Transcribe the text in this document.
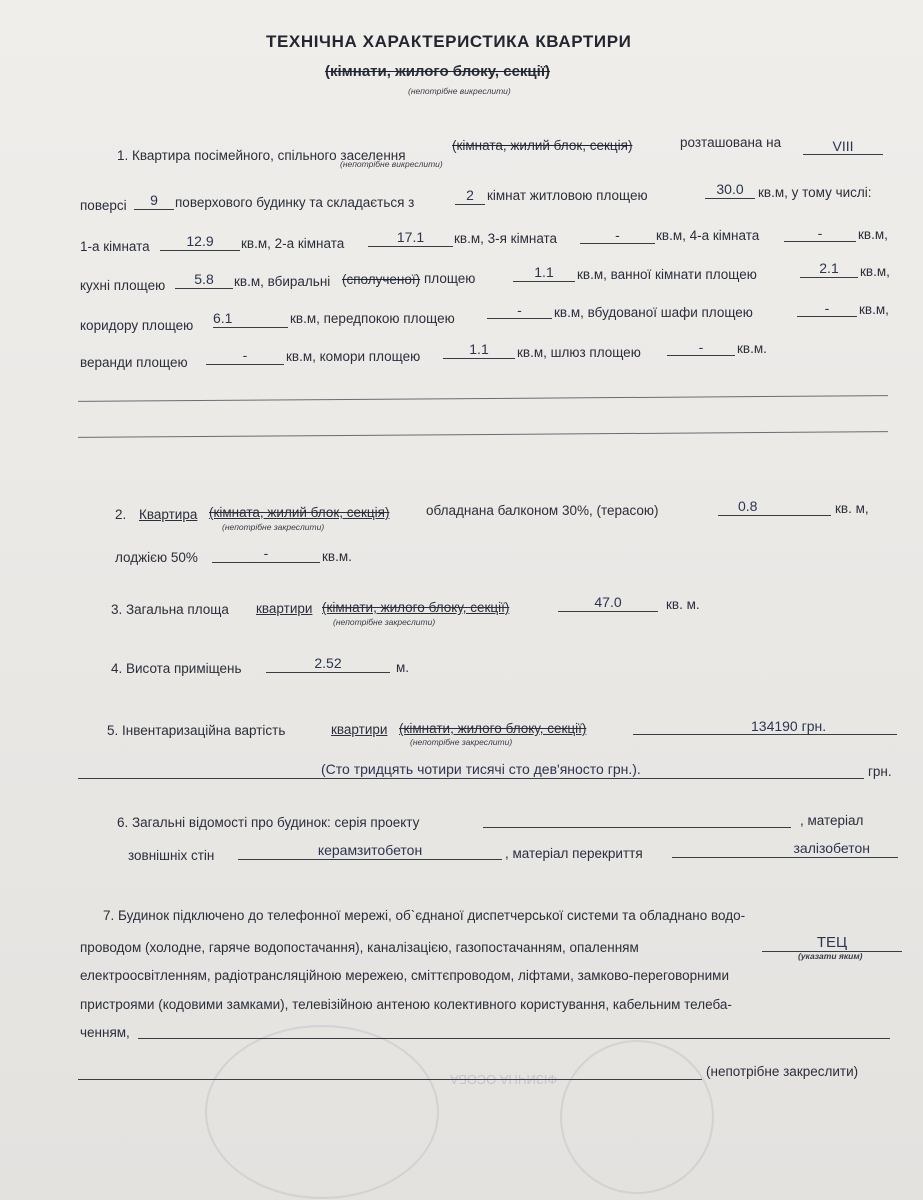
ФІЗИЧНА ОСОБА
ТЕХНІЧНА ХАРАКТЕРИСТИКА КВАРТИРИ
(кімнати, жилого блоку, секції)
(непотрібне викреслити)
1. Квартира посімейного, спільного заселення
(кімната, жилий блок, секція)	розташована на	VIII
(непотрібне викреслити)
поверсі	9	поверхового будинку та складається з	2 кімнат житловою площею	30.0	кв.м, у тому числі:
1-а кімната	12.9	кв.м, 2-а кімната	17.1	кв.м, 3-я кімната	-	кв.м, 4-а кімната	-	кв.м,
кухні площею	5.8	кв.м, вбиральні (сполученої) площею	1.1	кв.м, ванної кімнати площею	2.1	кв.м,
коридору площею 6.1	кв.м, передпокою площею
-	кв.м, вбудованої шафи площею	-	кв.м,
веранди площею	-	кв.м, комори площею	1.1	кв.м, шлюз площею	-	кв.м.
2. Квартира (кімната, жилий блок, секція)	обладнана балконом 30%, (терасою)	0.8	кв. м,
(непотрібне закреслити)
лоджією 50%	-	кв.м.
3. Загальна площа квартири (кімнати, жилого блоку, секції)	47.0	кв. м.
(непотрібне закреслити)
4. Висота приміщень	2.52	м.
5. Інвентаризаційна вартість	квартири (кімнати, жилого блоку, секції)	134190 грн.
(непотрібне закреслити)
(Сто тридцять чотири тисячі сто дев'яносто грн.).	грн.
6. Загальні відомості про будинок: серія проекту	, матеріал
зовнішніх стін	керамзитобетон	, матеріал перекриття	залізобетон
7. Будинок підключено до телефонної мережі, об`єднаної диспетчерської системи та обладнано водо-
проводом (холодне, гаряче водопостачання), каналізацією, газопостачанням, опаленням	ТЕЦ
(указати яким)
електроосвітленням, радіотрансляційною мережею, сміттєпроводом, ліфтами, замково-переговорними
пристроями (кодовими замками), телевізійною антеною колективного користування, кабельним телеба-
ченням,
(непотрібне закреслити)
